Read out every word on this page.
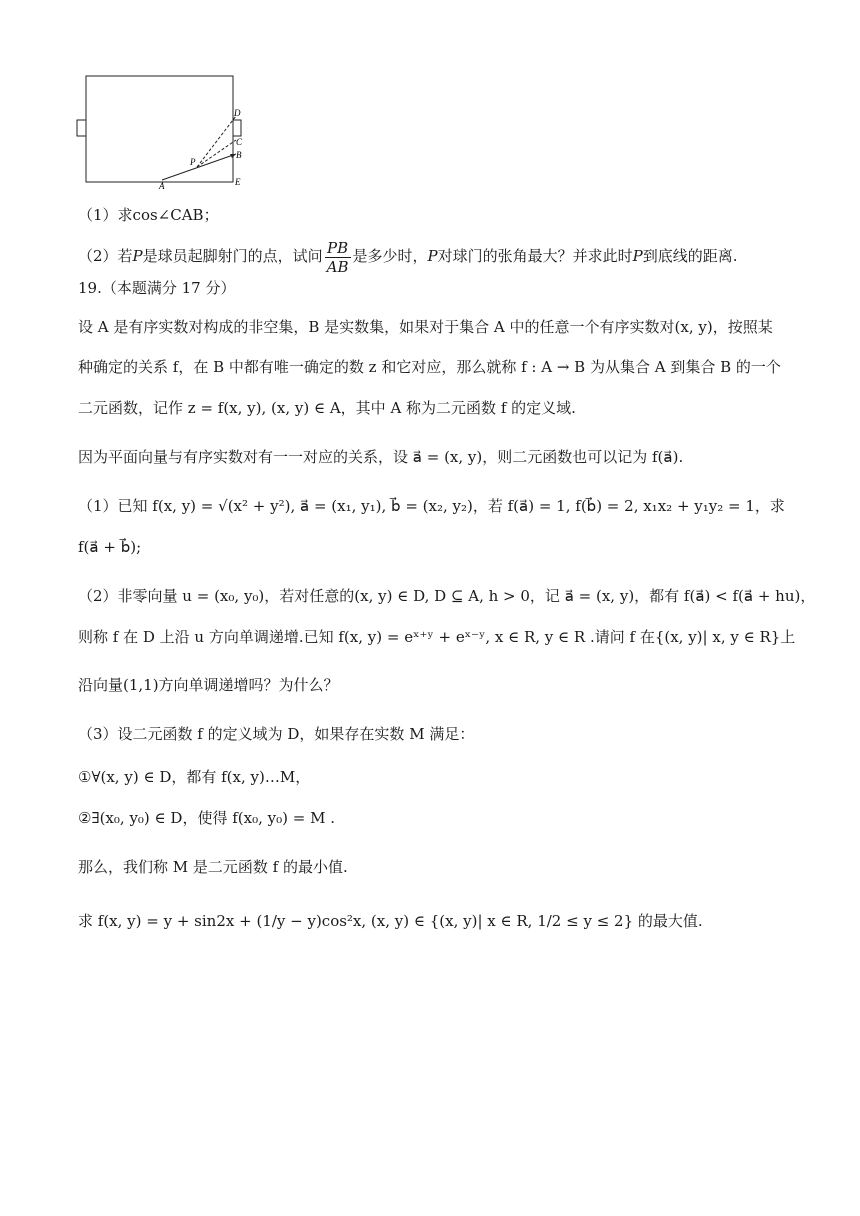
D
C
P
B
A	E
（1）求cos∠CAB；
（2）若P是球员起脚射门的点，试问 $\frac{PB}{AB}$ 是多少时，P对球门的张角最大？并求此时P到底线的距离.
19.（本题满分 17 分）
设 A 是有序实数对构成的非空集，B 是实数集，如果对于集合 A 中的任意一个有序实数对(x, y)，按照某
种确定的关系 f，在 B 中都有唯一确定的数 z 和它对应，那么就称 f : A → B 为从集合 A 到集合 B 的一个
二元函数，记作 z = f(x, y), (x, y) ∈ A，其中 A 称为二元函数 f 的定义域.
因为平面向量与有序实数对有一一对应的关系，设 a⃗ = (x, y)，则二元函数也可以记为 f(a⃗).
（1）已知 f(x, y) = √(x² + y²), a⃗ = (x₁, y₁), b⃗ = (x₂, y₂)，若 f(a⃗) = 1, f(b⃗) = 2, x₁x₂ + y₁y₂ = 1，求
f(a⃗ + b⃗);
（2）非零向量 u = (x₀, y₀)，若对任意的(x, y) ∈ D, D ⊆ A, h > 0，记 a⃗ = (x, y)，都有 f(a⃗) < f(a⃗ + hu)，
则称 f 在 D 上沿 u 方向单调递增.已知 f(x, y) = eˣ⁺ʸ + eˣ⁻ʸ, x ∈ R, y ∈ R .请问 f 在{(x, y)| x, y ∈ R}上
沿向量(1,1)方向单调递增吗？为什么？
（3）设二元函数 f 的定义域为 D，如果存在实数 M 满足：
①∀(x, y) ∈ D，都有 f(x, y)…M，
②∃(x₀, y₀) ∈ D，使得 f(x₀, y₀) = M .
那么，我们称 M 是二元函数 f 的最小值.
求 f(x, y) = y + sin2x + (1/y − y)cos²x, (x, y) ∈ {(x, y)| x ∈ R, 1/2 ≤ y ≤ 2} 的最大值.
